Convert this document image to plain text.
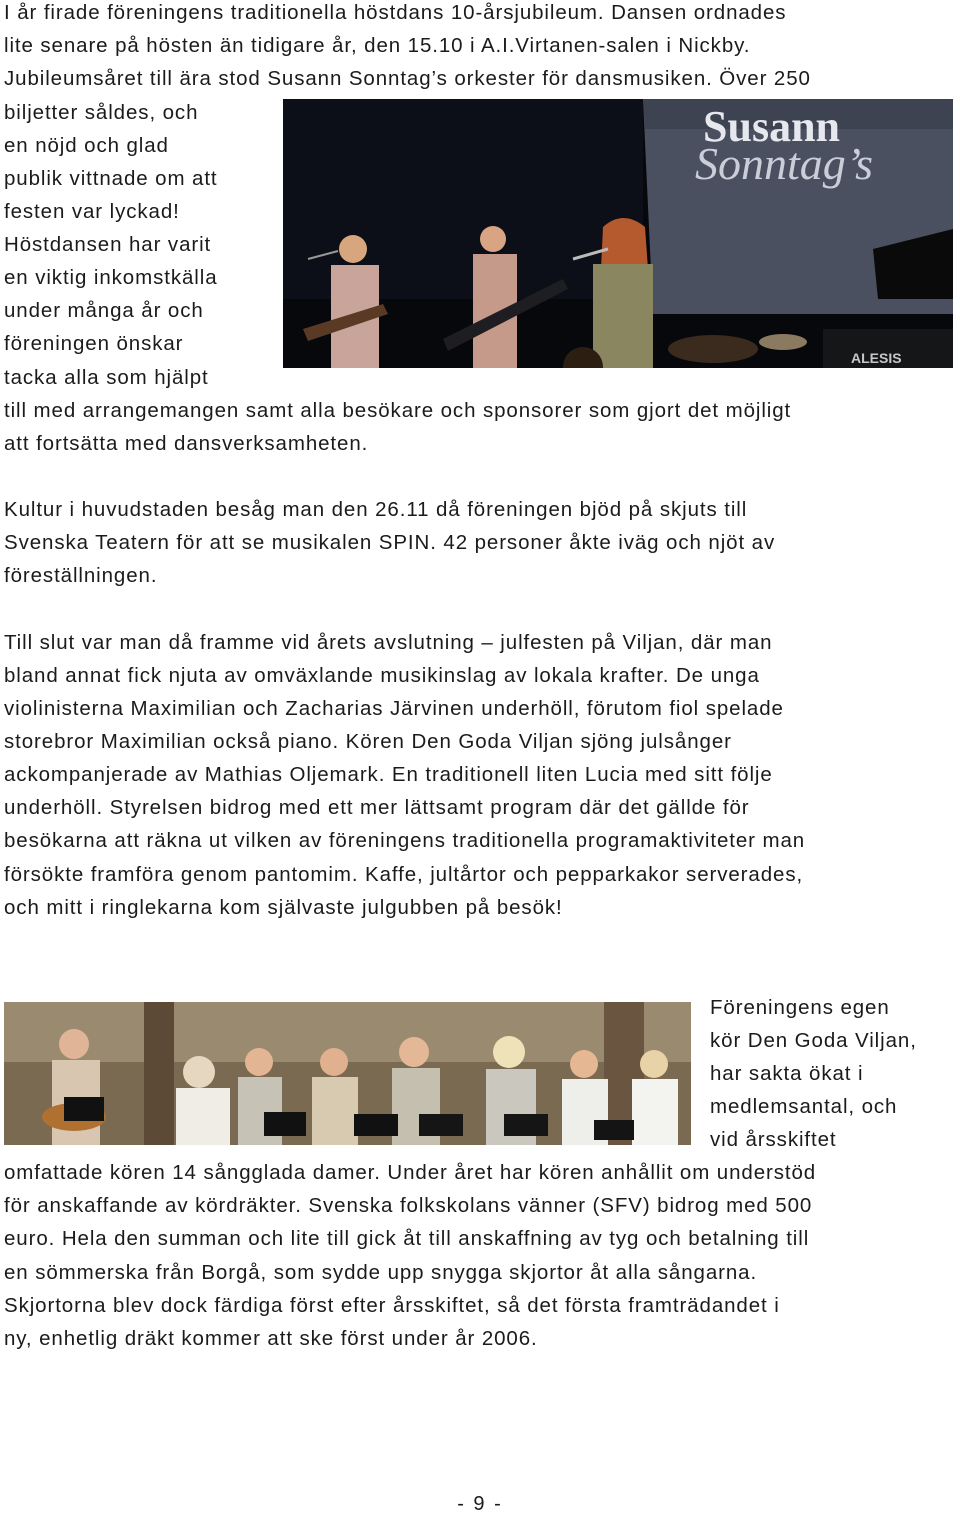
I år firade föreningens traditionella höstdans 10-årsjubileum. Dansen ordnades

lite senare på hösten än tidigare år, den 15.10 i A.I.Virtanen-salen i Nickby.

Jubileumsåret till ära stod Susann Sonntag’s orkester för dansmusiken. Över 250

biljetter såldes, och

en nöjd och glad

publik vittnade om att

festen var lyckad!

Höstdansen har varit

en viktig inkomstkälla

under många år och

föreningen önskar

tacka alla som hjälpt

till med arrangemangen samt alla besökare och sponsorer som gjort det möjligt

att fortsätta med dansverksamheten.

Susann
Sonntag’s
ALESIS

Kultur i huvudstaden besåg man den 26.11 då föreningen bjöd på skjuts till

Svenska Teatern för att se musikalen SPIN. 42 personer åkte iväg och njöt av

föreställningen.

Till slut var man då framme vid årets avslutning – julfesten på Viljan, där man

bland annat fick njuta av omväxlande musikinslag av lokala krafter. De unga

violinisterna Maximilian och Zacharias Järvinen underhöll, förutom fiol spelade

storebror Maximilian också piano. Kören Den Goda Viljan sjöng julsånger

ackompanjerade av Mathias Oljemark. En traditionell liten Lucia med sitt följe

underhöll. Styrelsen bidrog med ett mer lättsamt program där det gällde för

besökarna att räkna ut vilken av föreningens traditionella programaktiviteter man

försökte framföra genom pantomim. Kaffe, jultårtor och pepparkakor serverades,

och mitt i ringlekarna kom självaste julgubben på besök!

Föreningens egen

kör Den Goda Viljan,

har sakta ökat i

medlemsantal, och

vid årsskiftet

omfattade kören 14 sångglada damer. Under året har kören anhållit om understöd

för anskaffande av kördräkter. Svenska folkskolans vänner (SFV) bidrog med 500

euro. Hela den summan och lite till gick åt till anskaffning av tyg och betalning till

en sömmerska från Borgå, som sydde upp snygga skjortor åt alla sångarna.

Skjortorna blev dock färdiga först efter årsskiftet, så det första framträdandet i

ny, enhetlig dräkt kommer att ske först under år 2006.

- 9 -
